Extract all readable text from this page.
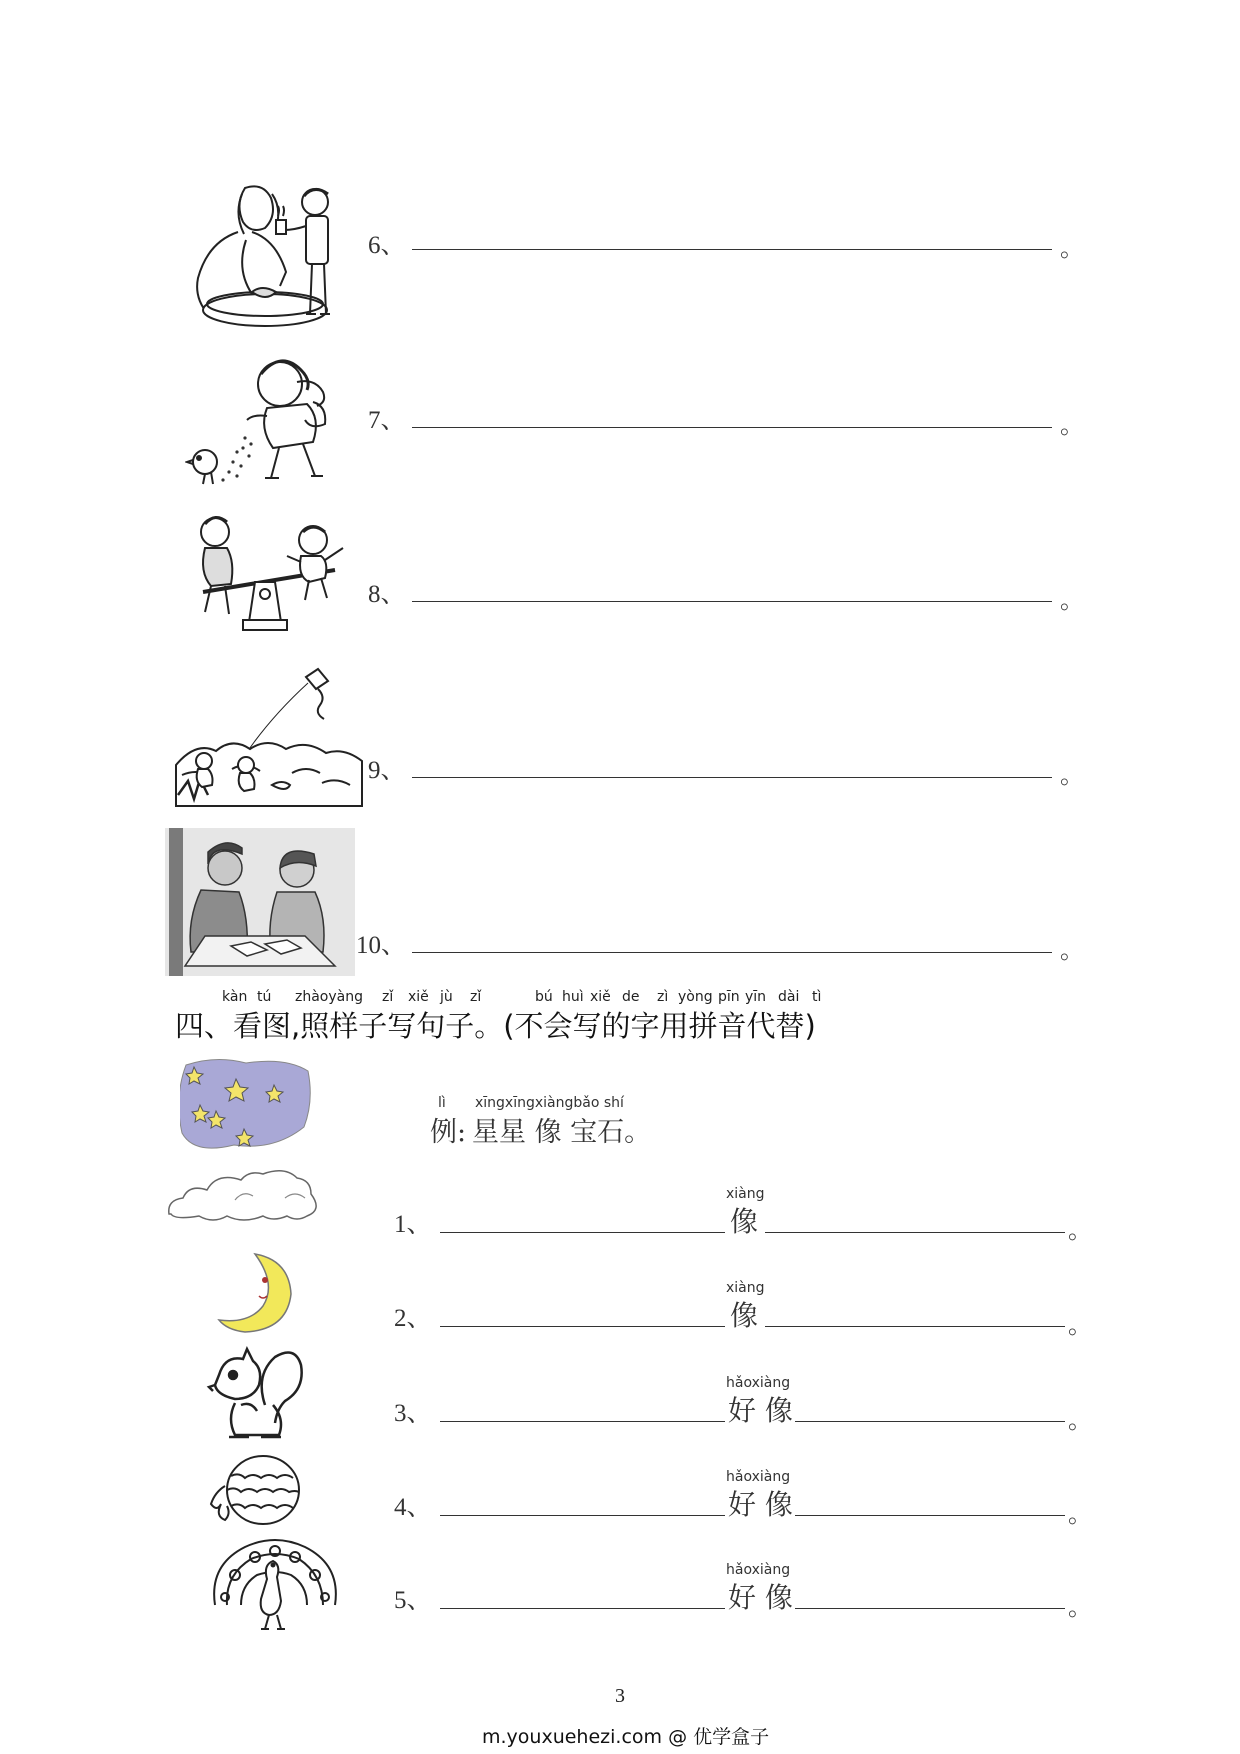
6、	。
7、	。
8、	。
9、	。
10、	。
kàn tú zhàoyàng zǐ xiě jù zǐ	bú huì xiě de zì yòng pīn yīn dài tì
四、看图,照样子写句子。(不会写的字用拼音代替)
lì xīngxīngxiàngbǎo shí
例: 星星 像 宝石。
1、
xiàng
像	。
2、
xiàng
像	。
3、
hǎoxiàng
好 像	。
4、
hǎoxiàng
好 像	。
5、
hǎoxiàng
好 像	。
3
m.youxuehezi.com @ 优学盒子
